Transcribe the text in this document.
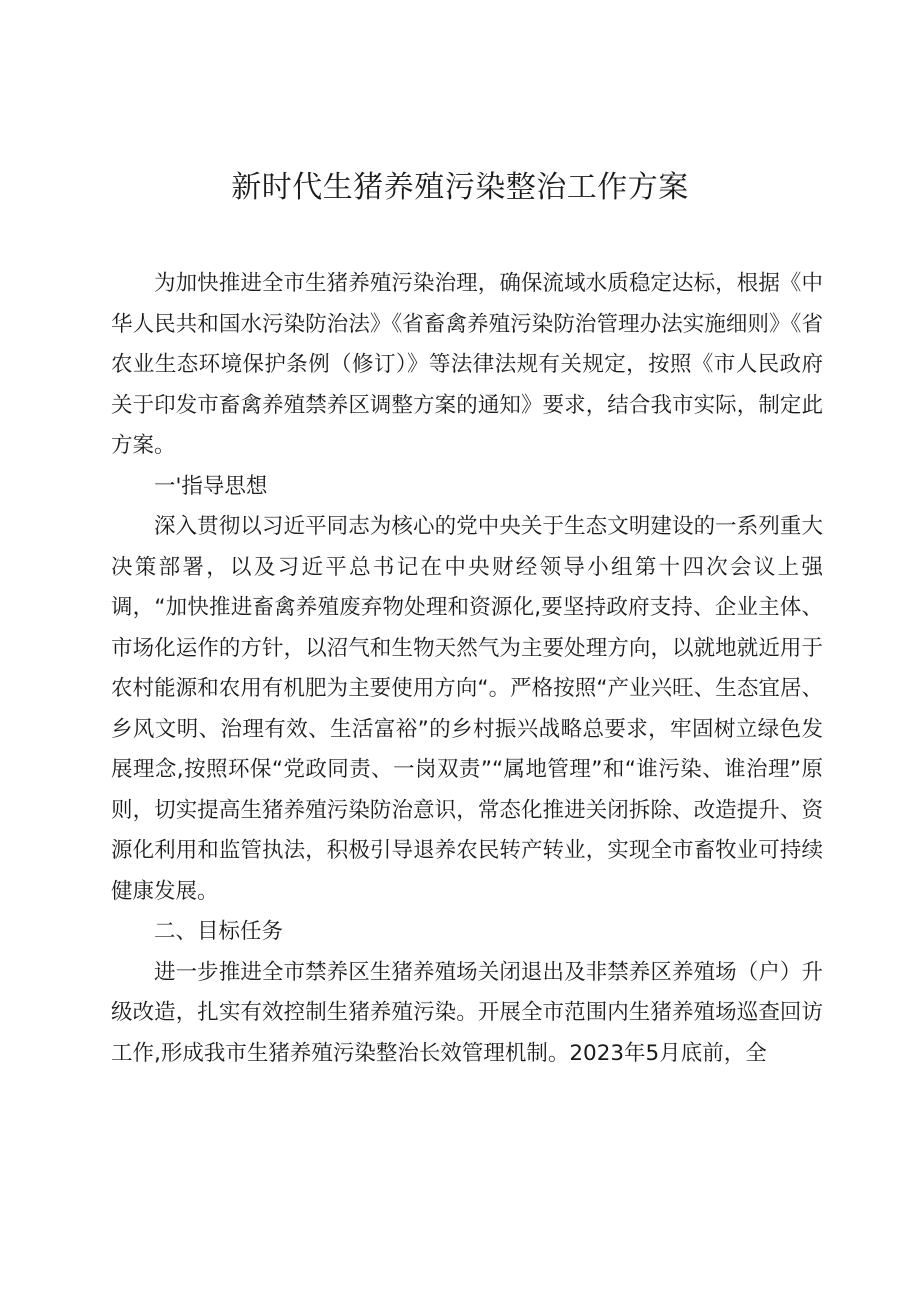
新时代生猪养殖污染整治工作方案

为加快推进全市生猪养殖污染治理，确保流域水质稳定达标，根据《中华人民共和国水污染防治法》《省畜禽养殖污染防治管理办法实施细则》《省农业生态环境保护条例（修订）》等法律法规有关规定，按照《市人民政府关于印发市畜禽养殖禁养区调整方案的通知》要求，结合我市实际，制定此方案。

一'指导思想

深入贯彻以习近平同志为核心的党中央关于生态文明建设的一系列重大决策部署，以及习近平总书记在中央财经领导小组第十四次会议上强调，“加快推进畜禽养殖废弃物处理和资源化,要坚持政府支持、企业主体、市场化运作的方针，以沼气和生物天然气为主要处理方向，以就地就近用于农村能源和农用有机肥为主要使用方向“。严格按照“产业兴旺、生态宜居、乡风文明、治理有效、生活富裕”的乡村振兴战略总要求，牢固树立绿色发展理念,按照环保“党政同责、一岗双责”“属地管理”和“谁污染、谁治理”原则，切实提高生猪养殖污染防治意识，常态化推进关闭拆除、改造提升、资源化利用和监管执法，积极引导退养农民转产转业，实现全市畜牧业可持续健康发展。

二、目标任务

进一步推进全市禁养区生猪养殖场关闭退出及非禁养区养殖场（户）升级改造，扎实有效控制生猪养殖污染。开展全市范围内生猪养殖场巡查回访工作,形成我市生猪养殖污染整治长效管理机制。2023年5月底前，全
